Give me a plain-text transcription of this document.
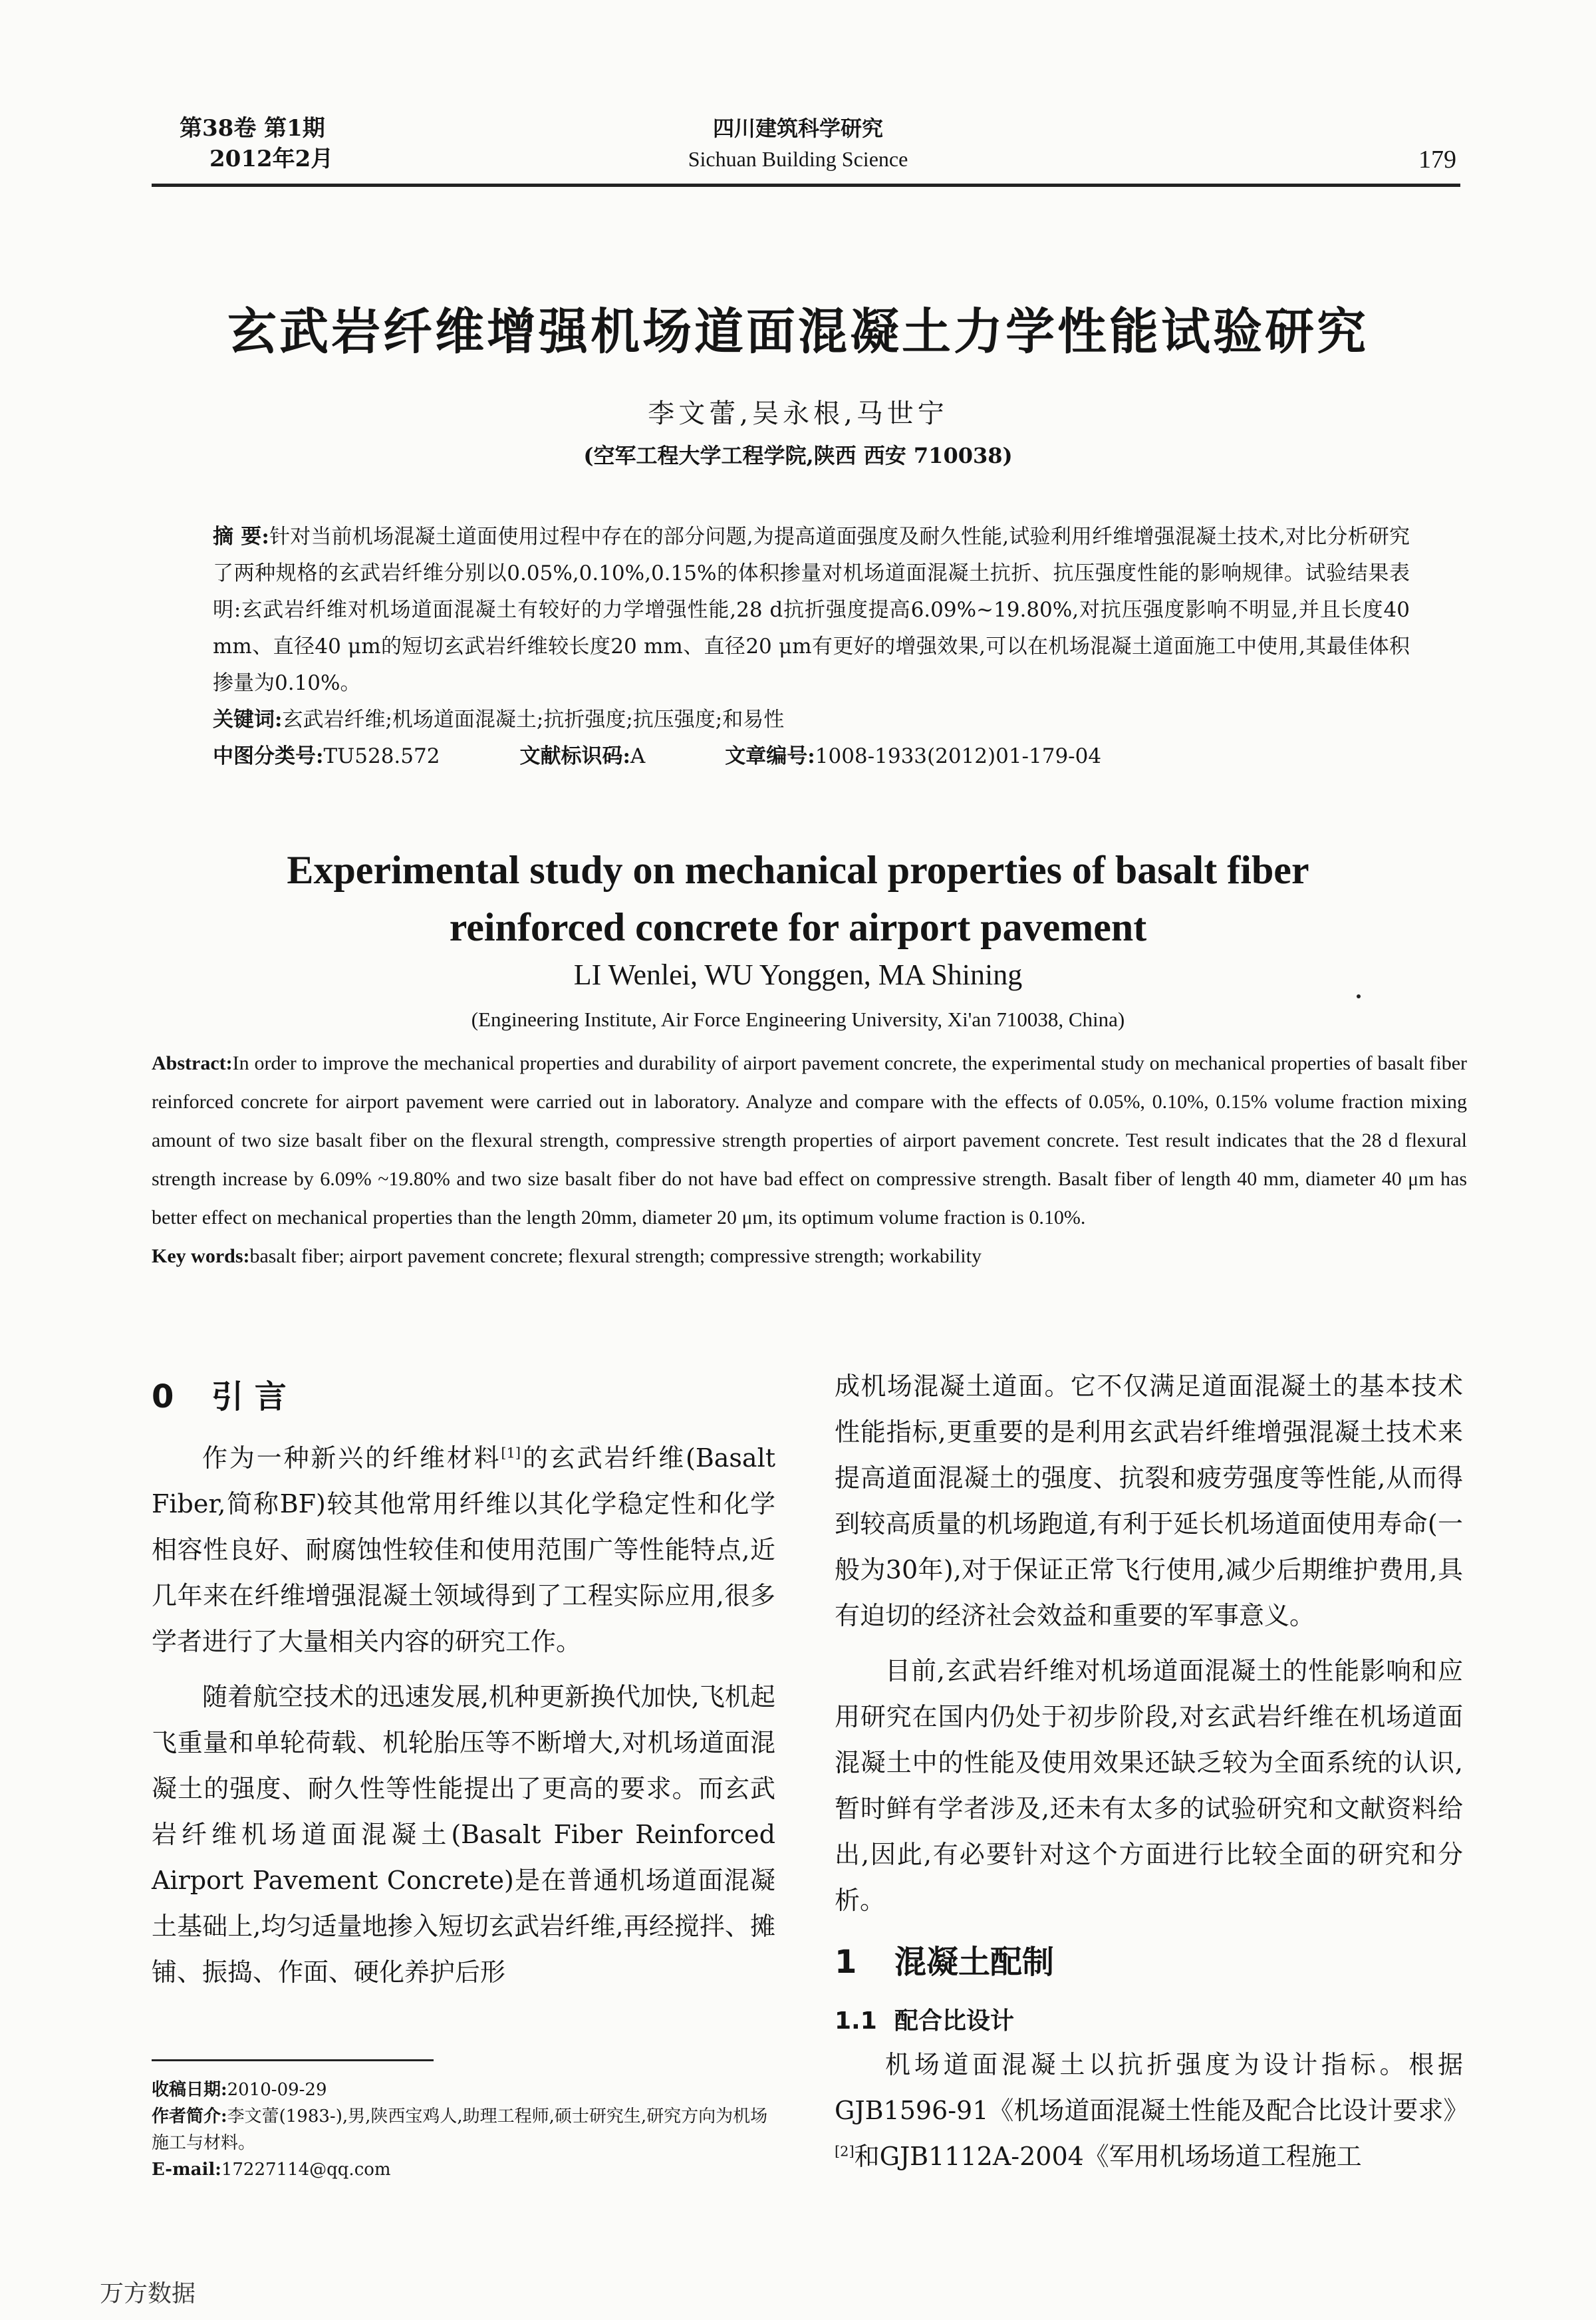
第38卷 第1期
2012年2月
四川建筑科学研究
Sichuan Building Science	179
玄武岩纤维增强机场道面混凝土力学性能试验研究
李文蕾,吴永根,马世宁
(空军工程大学工程学院,陕西 西安 710038)
摘 要:针对当前机场混凝土道面使用过程中存在的部分问题,为提高道面强度及耐久性能,试验利用纤维增强混凝土技术,对比分析研究了两种规格的玄武岩纤维分别以0.05%,0.10%,0.15%的体积掺量对机场道面混凝土抗折、抗压强度性能的影响规律。试验结果表明:玄武岩纤维对机场道面混凝土有较好的力学增强性能,28 d抗折强度提高6.09%~19.80%,对抗压强度影响不明显,并且长度40 mm、直径40 μm的短切玄武岩纤维较长度20 mm、直径20 μm有更好的增强效果,可以在机场混凝土道面施工中使用,其最佳体积掺量为0.10%。
关键词:玄武岩纤维;机场道面混凝土;抗折强度;抗压强度;和易性
中图分类号:TU528.572	文献标识码:A	文章编号:1008-1933(2012)01-179-04
Experimental study on mechanical properties of basalt fiber
reinforced concrete for airport pavement
LI Wenlei, WU Yonggen, MA Shining
(Engineering Institute, Air Force Engineering University, Xi'an 710038, China)
Abstract:In order to improve the mechanical properties and durability of airport pavement concrete, the experimental study on mechanical properties of basalt fiber reinforced concrete for airport pavement were carried out in laboratory. Analyze and compare with the effects of 0.05%, 0.10%, 0.15% volume fraction mixing amount of two size basalt fiber on the flexural strength, compressive strength properties of airport pavement concrete. Test result indicates that the 28 d flexural strength increase by 6.09% ~19.80% and two size basalt fiber do not have bad effect on compressive strength. Basalt fiber of length 40 mm, diameter 40 μm has better effect on mechanical properties than the length 20mm, diameter 20 μm, its optimum volume fraction is 0.10%.
Key words:basalt fiber; airport pavement concrete; flexural strength; compressive strength; workability
0 引 言

作为一种新兴的纤维材料[1]的玄武岩纤维(Basalt Fiber,简称BF)较其他常用纤维以其化学稳定性和化学相容性良好、耐腐蚀性较佳和使用范围广等性能特点,近几年来在纤维增强混凝土领域得到了工程实际应用,很多学者进行了大量相关内容的研究工作。

随着航空技术的迅速发展,机种更新换代加快,飞机起飞重量和单轮荷载、机轮胎压等不断增大,对机场道面混凝土的强度、耐久性等性能提出了更高的要求。而玄武岩纤维机场道面混凝土(Basalt Fiber Reinforced Airport Pavement Concrete)是在普通机场道面混凝土基础上,均匀适量地掺入短切玄武岩纤维,再经搅拌、摊铺、振捣、作面、硬化养护后形

成机场混凝土道面。它不仅满足道面混凝土的基本技术性能指标,更重要的是利用玄武岩纤维增强混凝土技术来提高道面混凝土的强度、抗裂和疲劳强度等性能,从而得到较高质量的机场跑道,有利于延长机场道面使用寿命(一般为30年),对于保证正常飞行使用,减少后期维护费用,具有迫切的经济社会效益和重要的军事意义。

目前,玄武岩纤维对机场道面混凝土的性能影响和应用研究在国内仍处于初步阶段,对玄武岩纤维在机场道面混凝土中的性能及使用效果还缺乏较为全面系统的认识,暂时鲜有学者涉及,还未有太多的试验研究和文献资料给出,因此,有必要针对这个方面进行比较全面的研究和分析。

1 混凝土配制
1.1 配合比设计

机场道面混凝土以抗折强度为设计指标。根据GJB1596-91《机场道面混凝土性能及配合比设计要求》[2]和GJB1112A-2004《军用机场场道工程施工

收稿日期:2010-09-29
作者简介:李文蕾(1983-),男,陕西宝鸡人,助理工程师,硕士研究生,研究方向为机场施工与材料。
E-mail:17227114@qq.com
万方数据
